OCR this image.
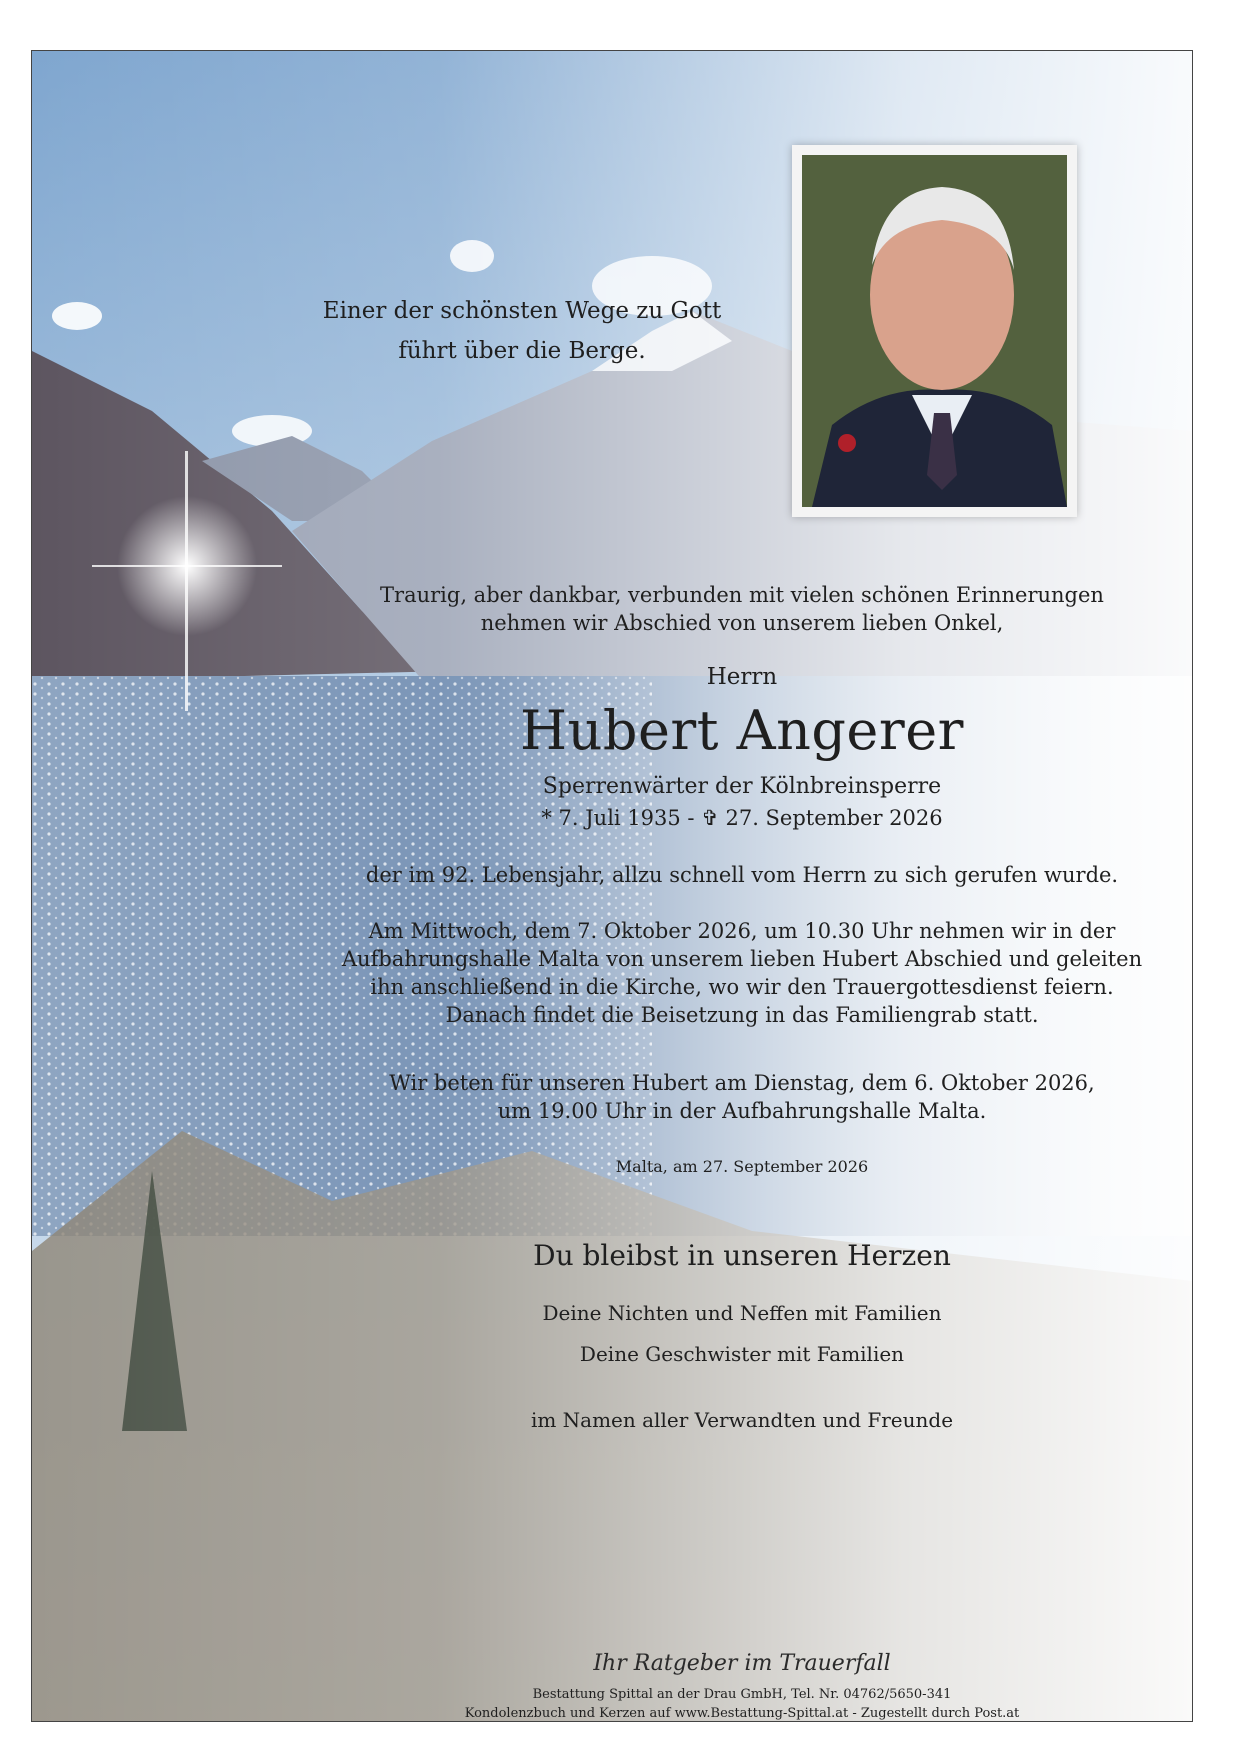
Einer der schönsten Wege zu Gott
führt über die Berge.
Traurig, aber dankbar, verbunden mit vielen schönen Erinnerungen
nehmen wir Abschied von unserem lieben Onkel,
Herrn
Hubert Angerer
Sperrenwärter der Kölnbreinsperre
* 7. Juli 1935 - ✞ 27. September 2026
der im 92. Lebensjahr, allzu schnell vom Herrn zu sich gerufen wurde.
Am Mittwoch, dem 7. Oktober 2026, um 10.30 Uhr nehmen wir in der
Aufbahrungshalle Malta von unserem lieben Hubert Abschied und geleiten
ihn anschließend in die Kirche, wo wir den Trauergottesdienst feiern.
Danach findet die Beisetzung in das Familiengrab statt.
Wir beten für unseren Hubert am Dienstag, dem 6. Oktober 2026,
um 19.00 Uhr in der Aufbahrungshalle Malta.
Malta, am 27. September 2026
Du bleibst in unseren Herzen
Deine Nichten und Neffen mit Familien
Deine Geschwister mit Familien
im Namen aller Verwandten und Freunde
Ihr Ratgeber im Trauerfall
Bestattung Spittal an der Drau GmbH, Tel. Nr. 04762/5650-341
Kondolenzbuch und Kerzen auf www.Bestattung-Spittal.at - Zugestellt durch Post.at
